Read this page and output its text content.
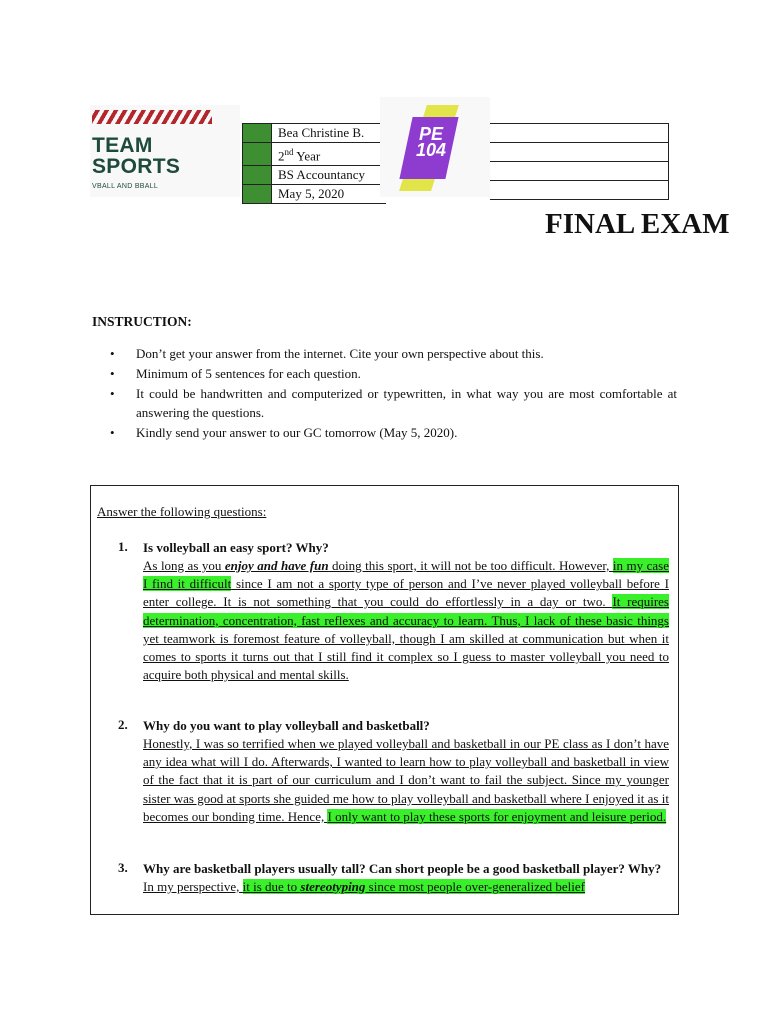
TEAM
SPORTS
VBALL AND BBALL
	Bea Christine B.
	2nd Year
	BS Accountancy
	May 5, 2020
PE
104

FINAL EXAM
INSTRUCTION:
• Don’t get your answer from the internet. Cite your own perspective about this.
• Minimum of 5 sentences for each question.
• It could be handwritten and computerized or typewritten, in what way you are most comfortable at answering the questions.
• Kindly send your answer to our GC tomorrow (May 5, 2020).
Answer the following questions:
1. Is volleyball an easy sport? Why?
As long as you enjoy and have fun doing this sport, it will not be too difficult. However, in my case I find it difficult since I am not a sporty type of person and I’ve never played volleyball before I enter college. It is not something that you could do effortlessly in a day or two. It requires determination, concentration, fast reflexes and accuracy to learn. Thus, I lack of these basic things yet teamwork is foremost feature of volleyball, though I am skilled at communication but when it comes to sports it turns out that I still find it complex so I guess to master volleyball you need to acquire both physical and mental skills.
2. Why do you want to play volleyball and basketball?
Honestly, I was so terrified when we played volleyball and basketball in our PE class as I don’t have any idea what will I do. Afterwards, I wanted to learn how to play volleyball and basketball in view of the fact that it is part of our curriculum and I don’t want to fail the subject. Since my younger sister was good at sports she guided me how to play volleyball and basketball where I enjoyed it as it becomes our bonding time. Hence, I only want to play these sports for enjoyment and leisure period.
3. Why are basketball players usually tall? Can short people be a good basketball player? Why?
In my perspective, it is due to stereotyping since most people over-generalized belief
